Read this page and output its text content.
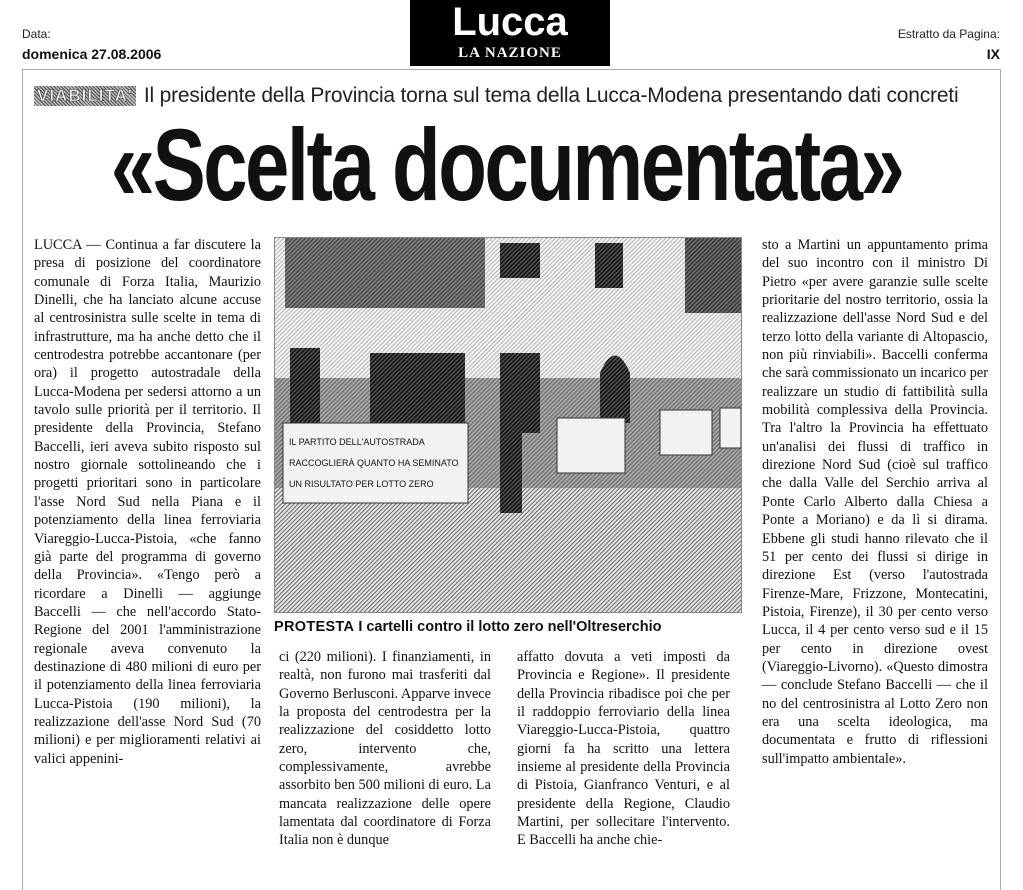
Data:
domenica 27.08.2006
Lucca
LA NAZIONE
Estratto da Pagina:
IX
VIABILITA' Il presidente della Provincia torna sul tema della Lucca-Modena presentando dati concreti
«Scelta documentata»

LUCCA — Continua a far discutere la presa di posizione del coordinatore comunale di Forza Italia, Maurizio Dinelli, che ha lanciato alcune accuse al centrosinistra sulle scelte in tema di infrastrutture, ma ha anche detto che il centrodestra potrebbe accantonare (per ora) il progetto autostradale della Lucca-Modena per sedersi attorno a un tavolo sulle priorità per il territorio. Il presidente della Provincia, Stefano Baccelli, ieri aveva subito risposto sul nostro giornale sottolineando che i progetti prioritari sono in particolare l'asse Nord Sud nella Piana e il potenziamento della linea ferroviaria Viareggio-Lucca-Pistoia, «che fanno già parte del programma di governo della Provincia». «Tengo però a ricordare a Dinelli — aggiunge Baccelli — che nell'accordo Stato-Regione del 2001 l'amministrazione regionale aveva convenuto la destinazione di 480 milioni di euro per il potenziamento della linea ferroviaria Lucca-Pistoia (190 milioni), la realizzazione dell'asse Nord Sud (70 milioni) e per miglioramenti relativi ai valici appenini-

IL PARTITO DELL'AUTOSTRADA
RACCOGLIERÀ QUANTO HA SEMINATO
UN RISULTATO PER LOTTO ZERO
PROTESTA I cartelli contro il lotto zero nell'Oltreserchio

ci (220 milioni). I finanziamenti, in realtà, non furono mai trasferiti dal Governo Berlusconi. Apparve invece la proposta del centrodestra per la realizzazione del cosiddetto lotto zero, intervento che, complessivamente, avrebbe assorbito ben 500 milioni di euro. La mancata realizzazione delle opere lamentata dal coordinatore di Forza Italia non è dunque

affatto dovuta a veti imposti da Provincia e Regione». Il presidente della Provincia ribadisce poi che per il raddoppio ferroviario della linea Viareggio-Lucca-Pistoia, quattro giorni fa ha scritto una lettera insieme al presidente della Provincia di Pistoia, Gianfranco Venturi, e al presidente della Regione, Claudio Martini, per sollecitare l'intervento. E Baccelli ha anche chie-

sto a Martini un appuntamento prima del suo incontro con il ministro Di Pietro «per avere garanzie sulle scelte prioritarie del nostro territorio, ossia la realizzazione dell'asse Nord Sud e del terzo lotto della variante di Altopascio, non più rinviabili». Baccelli conferma che sarà commissionato un incarico per realizzare un studio di fattibilità sulla mobilità complessiva della Provincia. Tra l'altro la Provincia ha effettuato un'analisi dei flussi di traffico in direzione Nord Sud (cioè sul traffico che dalla Valle del Serchio arriva al Ponte Carlo Alberto dalla Chiesa a Ponte a Moriano) e da lì si dirama. Ebbene gli studi hanno rilevato che il 51 per cento dei flussi si dirige in direzione Est (verso l'autostrada Firenze-Mare, Frizzone, Montecatini, Pistoia, Firenze), il 30 per cento verso Lucca, il 4 per cento verso sud e il 15 per cento in direzione ovest (Viareggio-Livorno). «Questo dimostra — conclude Stefano Baccelli — che il no del centrosinistra al Lotto Zero non era una scelta ideologica, ma documentata e frutto di riflessioni sull'impatto ambientale».
